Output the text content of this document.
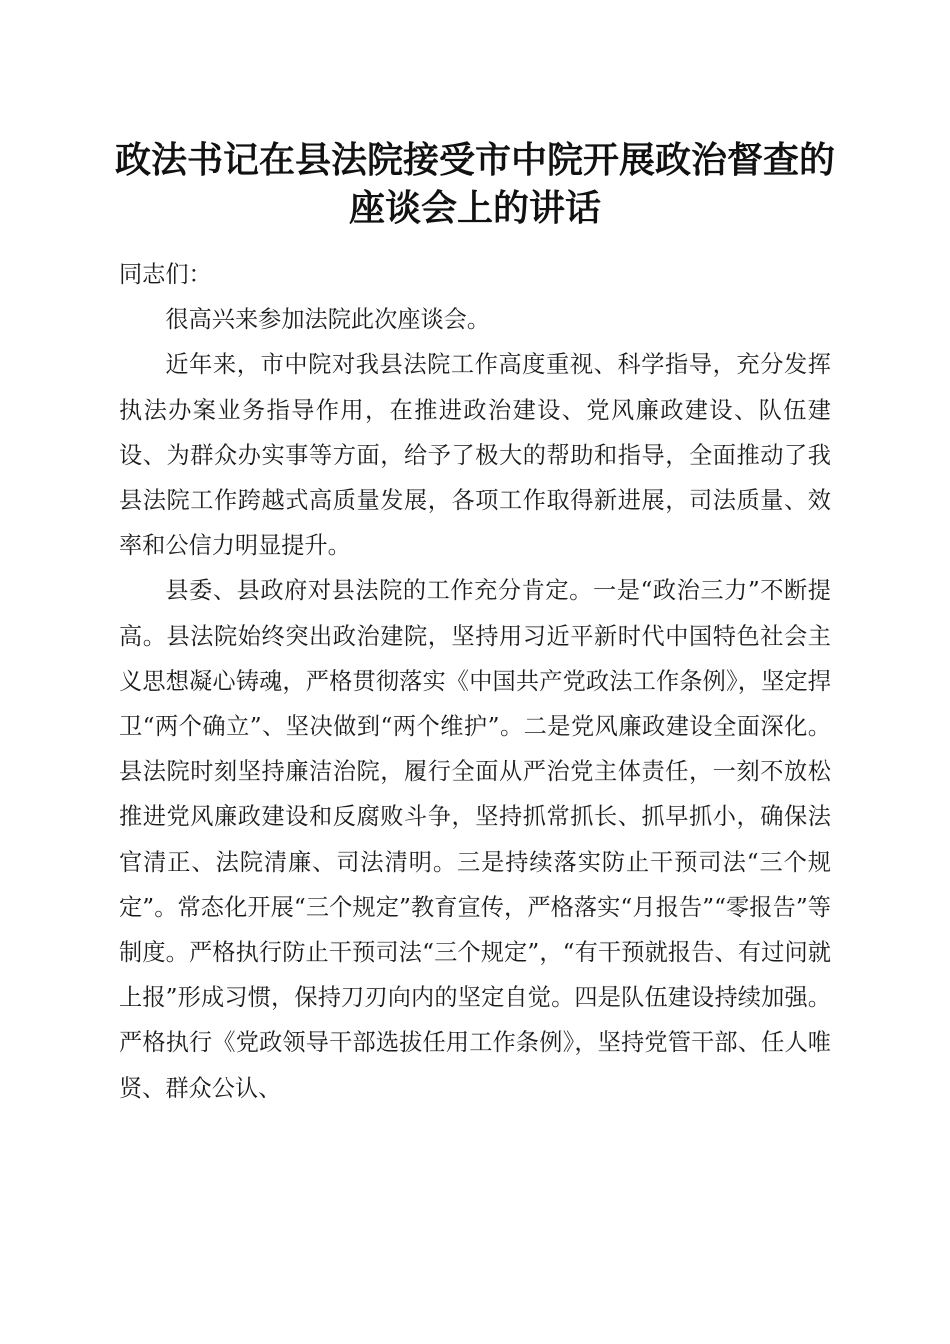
政法书记在县法院接受市中院开展政治督查的
座谈会上的讲话

同志们：

很高兴来参加法院此次座谈会。

近年来，市中院对我县法院工作高度重视、科学指导，充分发挥执法办案业务指导作用，在推进政治建设、党风廉政建设、队伍建设、为群众办实事等方面，给予了极大的帮助和指导，全面推动了我县法院工作跨越式高质量发展，各项工作取得新进展，司法质量、效率和公信力明显提升。

县委、县政府对县法院的工作充分肯定。一是“政治三力”不断提高。县法院始终突出政治建院，坚持用习近平新时代中国特色社会主义思想凝心铸魂，严格贯彻落实《中国共产党政法工作条例》，坚定捍卫“两个确立”、坚决做到“两个维护”。二是党风廉政建设全面深化。县法院时刻坚持廉洁治院，履行全面从严治党主体责任，一刻不放松推进党风廉政建设和反腐败斗争，坚持抓常抓长、抓早抓小，确保法官清正、法院清廉、司法清明。三是持续落实防止干预司法“三个规定”。常态化开展“三个规定”教育宣传，严格落实“月报告”“零报告”等制度。严格执行防止干预司法“三个规定”，“有干预就报告、有过问就上报”形成习惯，保持刀刃向内的坚定自觉。四是队伍建设持续加强。严格执行《党政领导干部选拔任用工作条例》，坚持党管干部、任人唯贤、群众公认、
